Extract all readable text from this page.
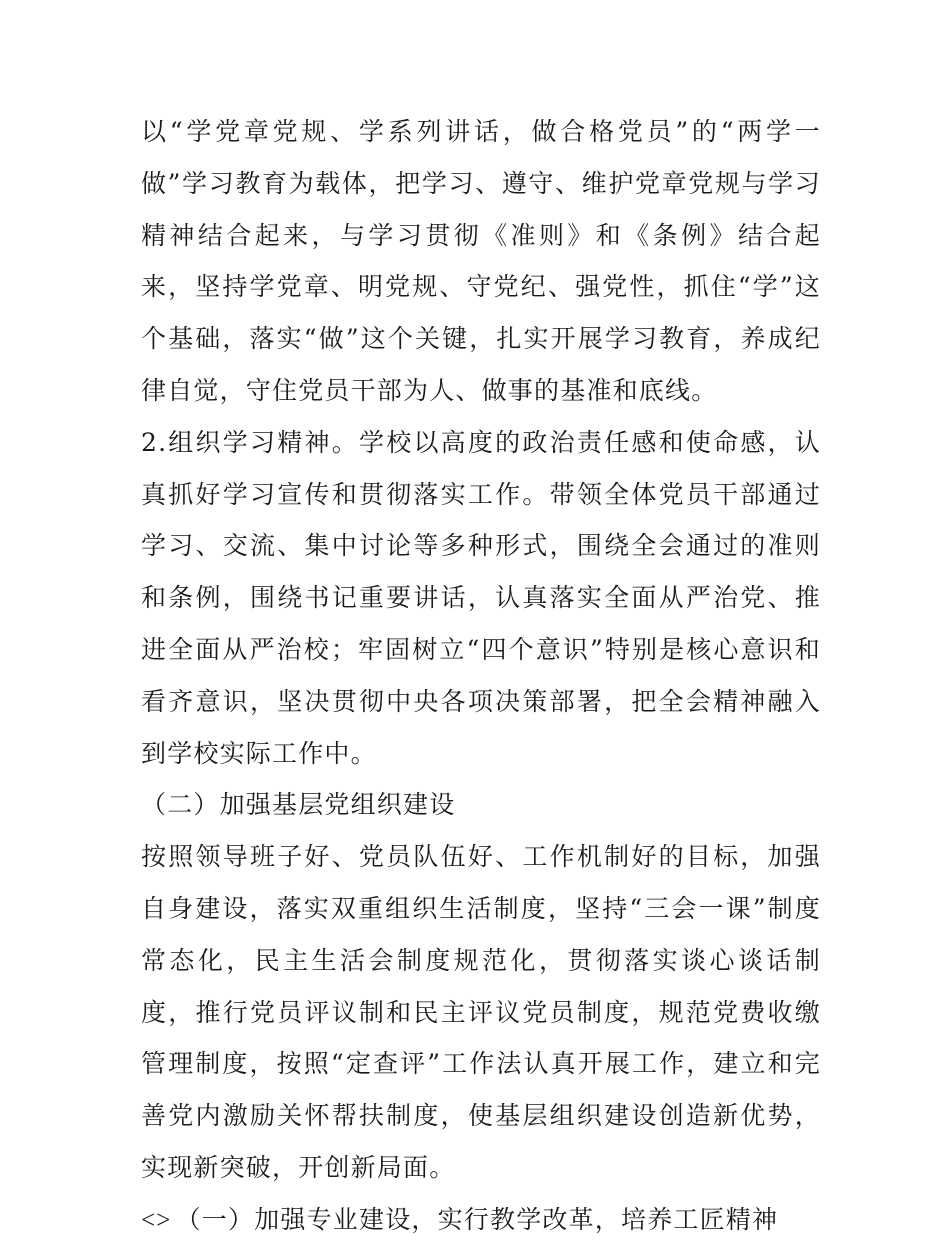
以“学党章党规、学系列讲话，做合格党员”的“两学一做”学习教育为载体，把学习、遵守、维护党章党规与学习精神结合起来，与学习贯彻《准则》和《条例》结合起来，坚持学党章、明党规、守党纪、强党性，抓住“学”这个基础，落实“做”这个关键，扎实开展学习教育，养成纪律自觉，守住党员干部为人、做事的基准和底线。

2.组织学习精神。学校以高度的政治责任感和使命感，认真抓好学习宣传和贯彻落实工作。带领全体党员干部通过学习、交流、集中讨论等多种形式，围绕全会通过的准则和条例，围绕书记重要讲话，认真落实全面从严治党、推进全面从严治校；牢固树立“四个意识”特别是核心意识和看齐意识，坚决贯彻中央各项决策部署，把全会精神融入到学校实际工作中。

（二）加强基层党组织建设

按照领导班子好、党员队伍好、工作机制好的目标，加强自身建设，落实双重组织生活制度，坚持“三会一课”制度常态化，民主生活会制度规范化，贯彻落实谈心谈话制度，推行党员评议制和民主评议党员制度，规范党费收缴管理制度，按照“定查评”工作法认真开展工作，建立和完善党内激励关怀帮扶制度，使基层组织建设创造新优势，实现新突破，开创新局面。

<> （一）加强专业建设，实行教学改革，培养工匠精神
